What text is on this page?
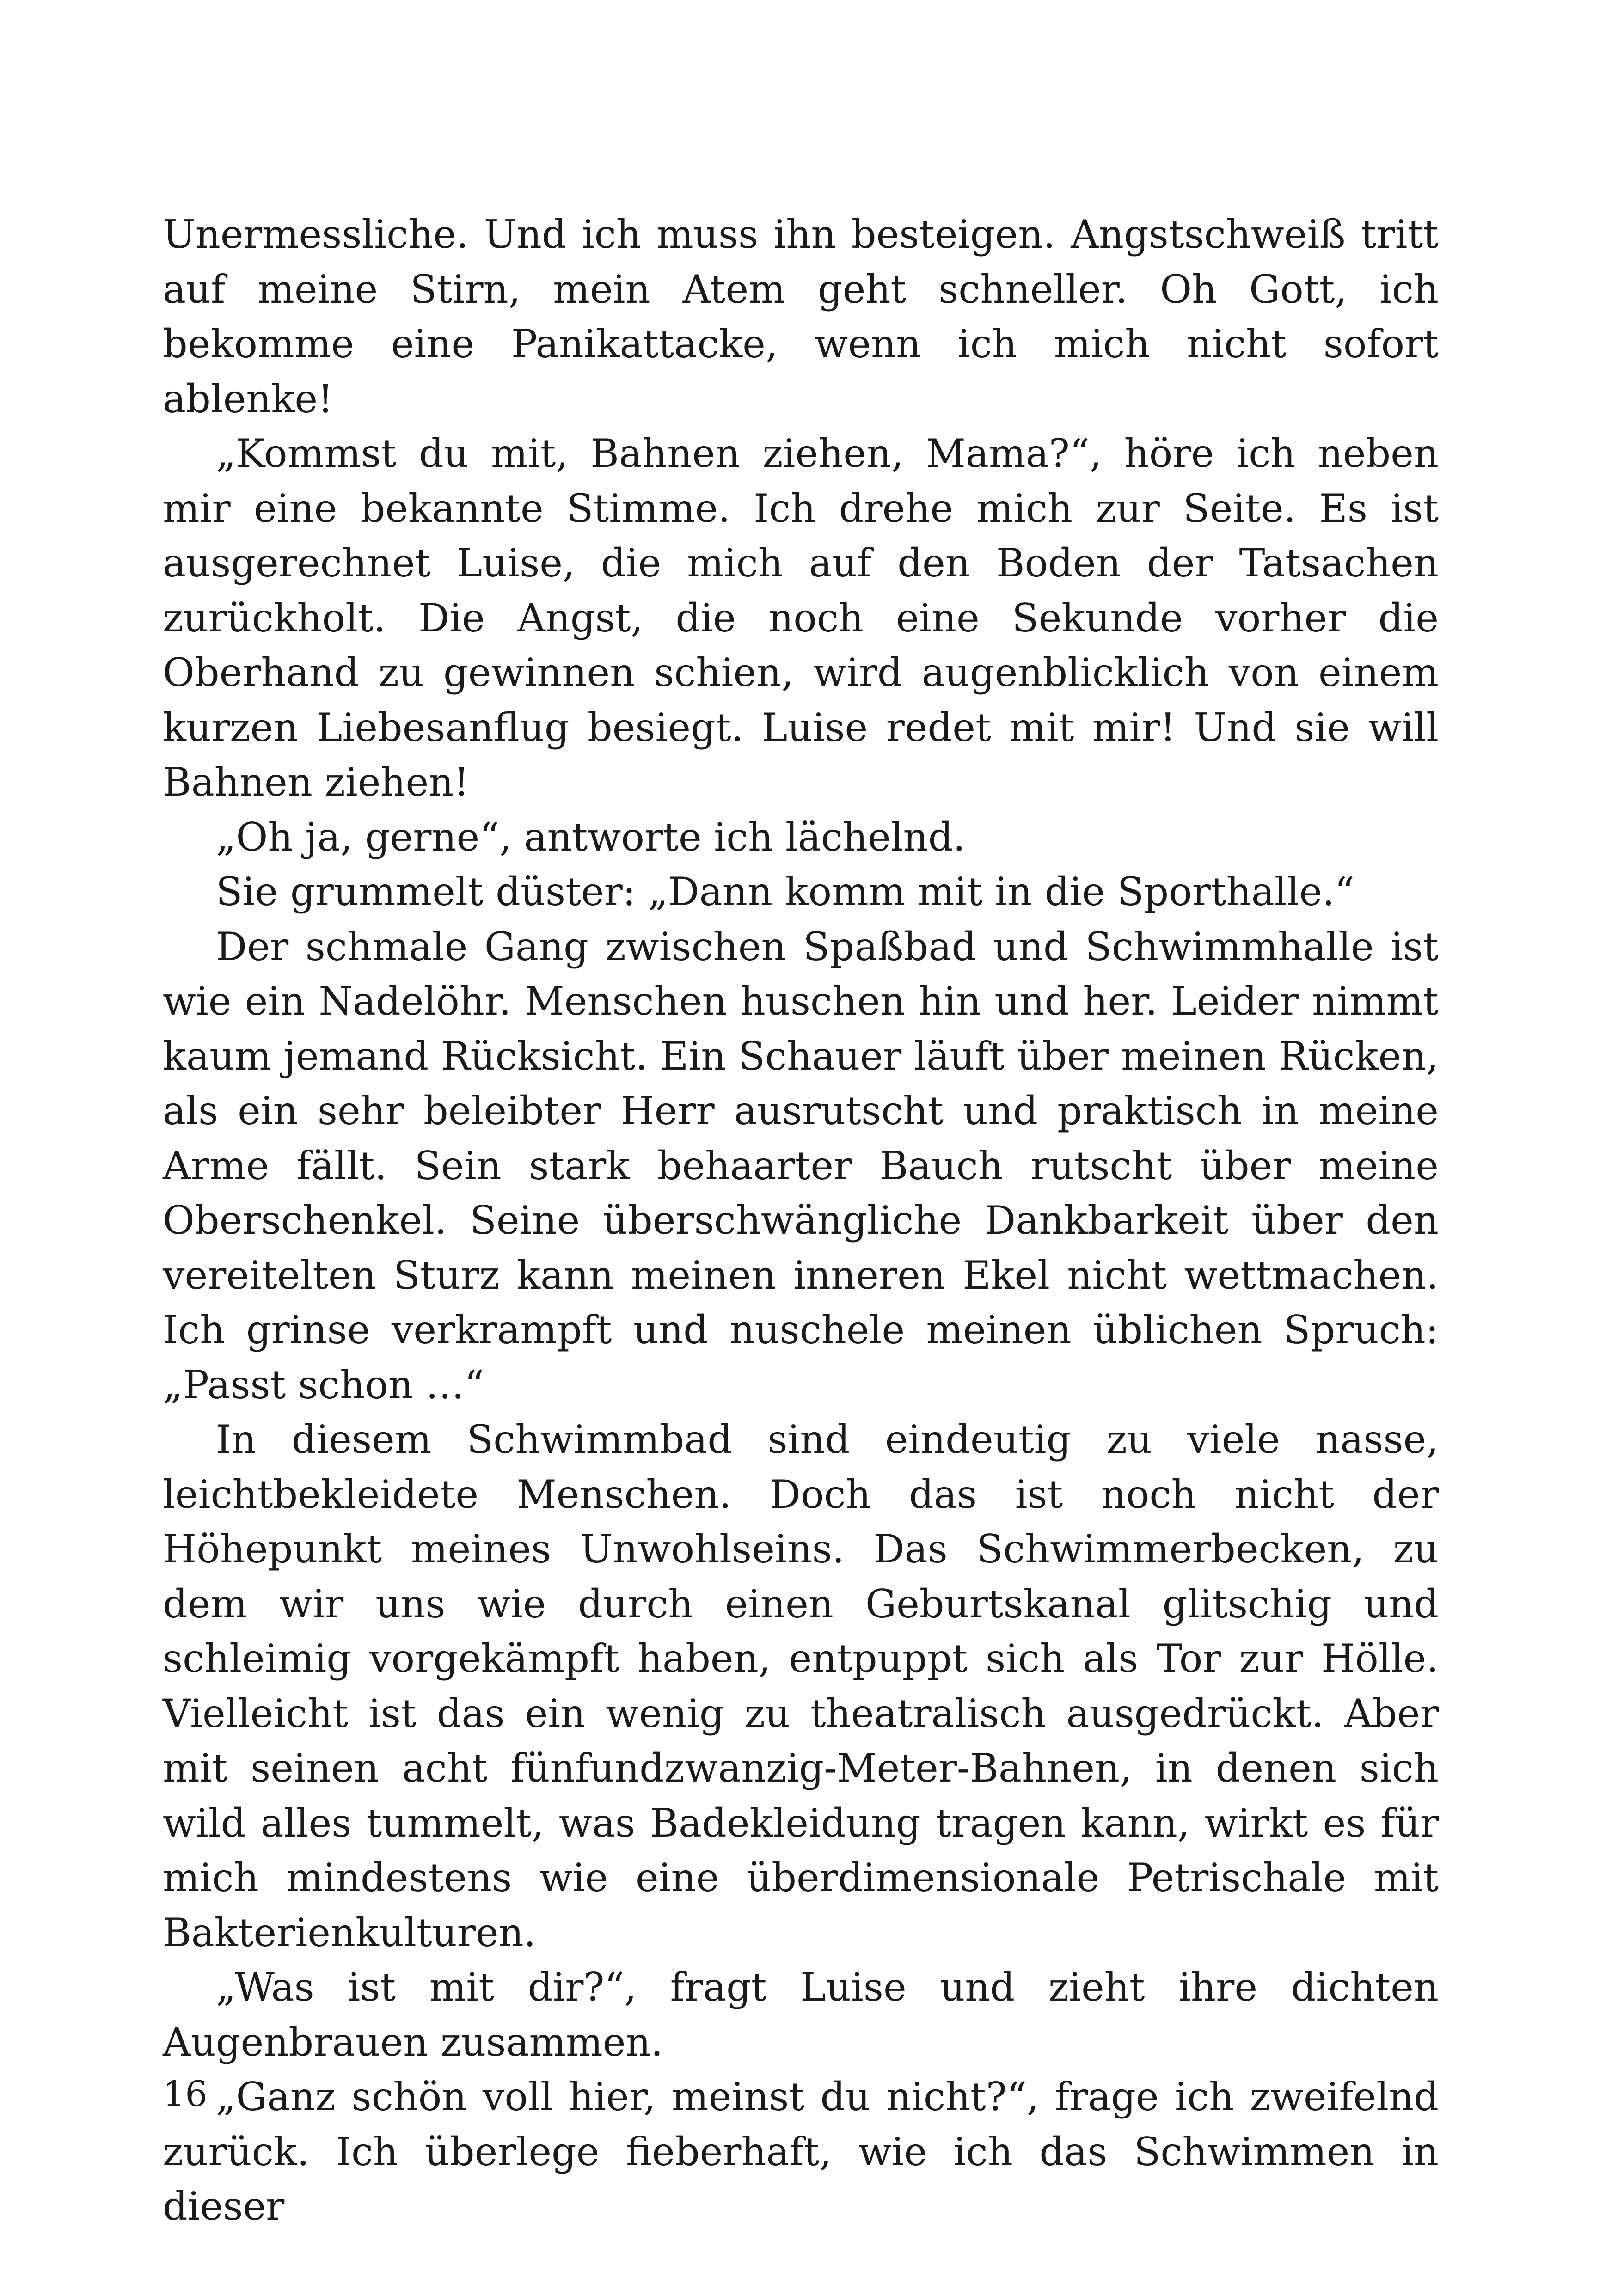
Unermessliche. Und ich muss ihn besteigen. Angstschweiß tritt auf meine Stirn, mein Atem geht schneller. Oh Gott, ich bekomme eine Panikattacke, wenn ich mich nicht sofort ablenke!

„Kommst du mit, Bahnen ziehen, Mama?“, höre ich neben mir eine bekannte Stimme. Ich drehe mich zur Seite. Es ist ausgerechnet Luise, die mich auf den Boden der Tatsachen zurückholt. Die Angst, die noch eine Sekunde vorher die Oberhand zu gewinnen schien, wird augenblicklich von einem kurzen Liebesanflug besiegt. Luise redet mit mir! Und sie will Bahnen ziehen!

„Oh ja, gerne“, antworte ich lächelnd.

Sie grummelt düster: „Dann komm mit in die Sporthalle.“

Der schmale Gang zwischen Spaßbad und Schwimmhalle ist wie ein Nadelöhr. Menschen huschen hin und her. Leider nimmt kaum jemand Rücksicht. Ein Schauer läuft über meinen Rücken, als ein sehr beleibter Herr ausrutscht und praktisch in meine Arme fällt. Sein stark behaarter Bauch rutscht über meine Oberschenkel. Seine überschwängliche Dankbarkeit über den vereitelten Sturz kann meinen inneren Ekel nicht wettmachen. Ich grinse verkrampft und nuschele meinen üblichen Spruch: „Passt schon …“

In diesem Schwimmbad sind eindeutig zu viele nasse, leichtbekleidete Menschen. Doch das ist noch nicht der Höhepunkt meines Unwohlseins. Das Schwimmerbecken, zu dem wir uns wie durch einen Geburtskanal glitschig und schleimig vorgekämpft haben, entpuppt sich als Tor zur Hölle. Vielleicht ist das ein wenig zu theatralisch ausgedrückt. Aber mit seinen acht fünfundzwanzig-Meter-Bahnen, in denen sich wild alles tummelt, was Badekleidung tragen kann, wirkt es für mich mindestens wie eine überdimensionale Petrischale mit Bakterienkulturen.

„Was ist mit dir?“, fragt Luise und zieht ihre dichten Augenbrauen zusammen.

„Ganz schön voll hier, meinst du nicht?“, frage ich zweifelnd zurück. Ich überlege fieberhaft, wie ich das Schwimmen in dieser

16
